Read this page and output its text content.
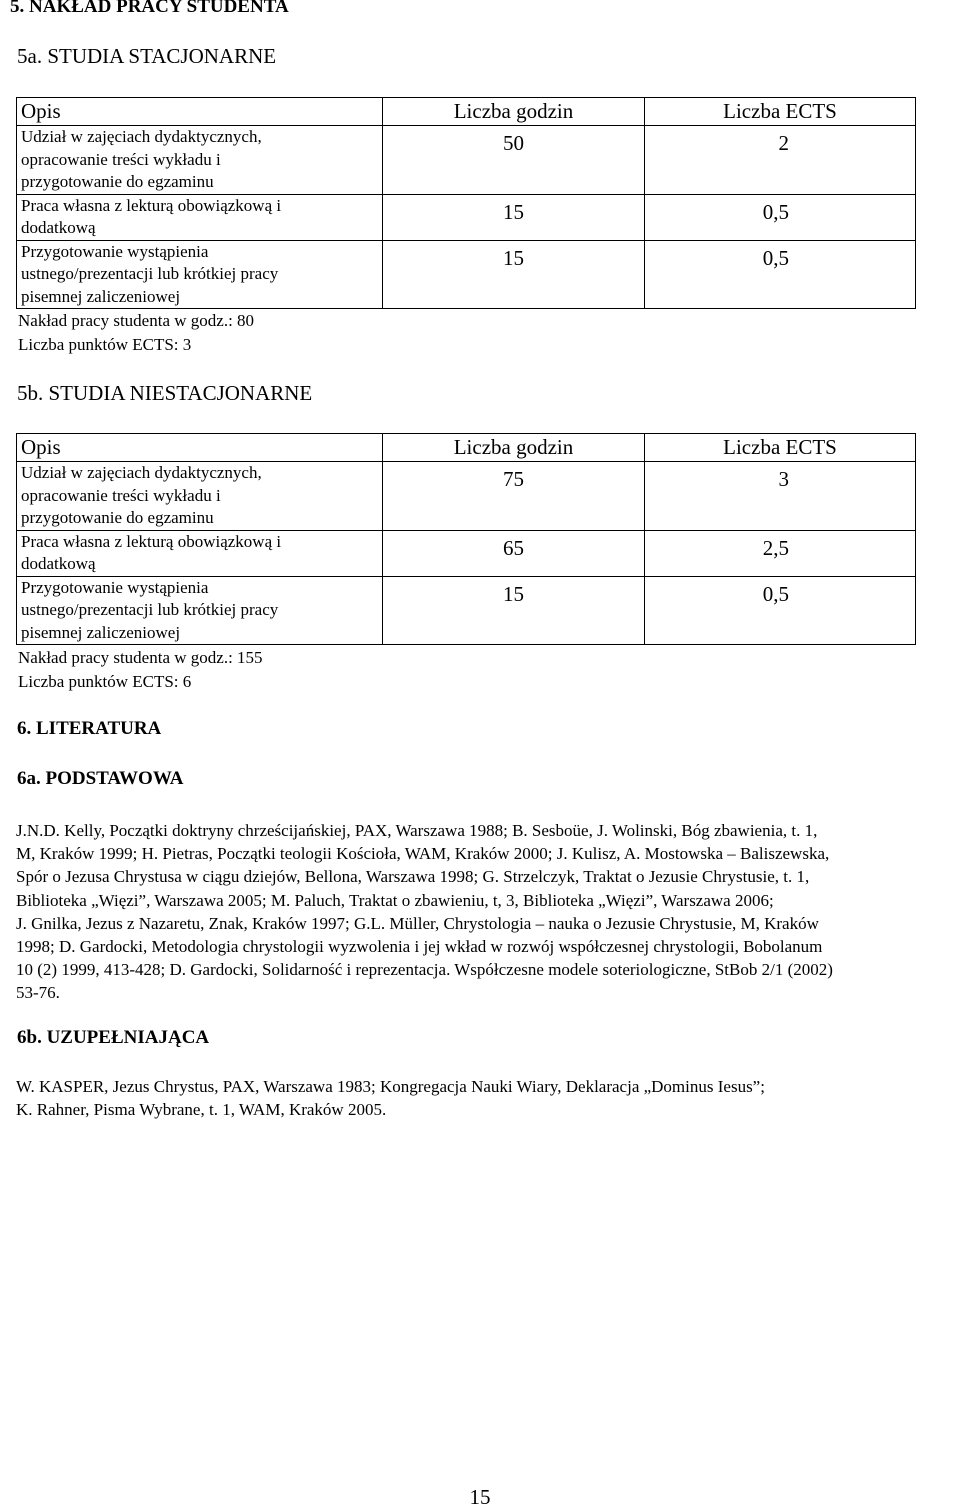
5. NAKŁAD PRACY STUDENTA
5a. STUDIA STACJONARNE
Opis	Liczba godzin	Liczba ECTS

Udział w zajęciach dydaktycznych,
opracowanie treści wykładu i
przygotowanie do egzaminu	50	2

Praca własna z lekturą obowiązkową i
dodatkową	15	0,5

Przygotowanie wystąpienia
ustnego/prezentacji lub krótkiej pracy
pisemnej zaliczeniowej	15	0,5
Nakład pracy studenta w godz.: 80
Liczba punktów ECTS: 3
5b. STUDIA NIESTACJONARNE
Opis	Liczba godzin	Liczba ECTS

Udział w zajęciach dydaktycznych,
opracowanie treści wykładu i
przygotowanie do egzaminu	75	3

Praca własna z lekturą obowiązkową i
dodatkową	65	2,5

Przygotowanie wystąpienia
ustnego/prezentacji lub krótkiej pracy
pisemnej zaliczeniowej	15	0,5
Nakład pracy studenta w godz.: 155
Liczba punktów ECTS: 6
6. LITERATURA
6a. PODSTAWOWA
J.N.D. Kelly, Początki doktryny chrześcijańskiej, PAX, Warszawa 1988; B. Sesboüe, J. Wolinski, Bóg zbawienia, t. 1,
M, Kraków 1999; H. Pietras, Początki teologii Kościoła, WAM, Kraków 2000; J. Kulisz, A. Mostowska – Baliszewska,
Spór o Jezusa Chrystusa w ciągu dziejów, Bellona, Warszawa 1998; G. Strzelczyk, Traktat o Jezusie Chrystusie, t. 1,
Biblioteka „Więzi”, Warszawa 2005; M. Paluch, Traktat o zbawieniu, t, 3, Biblioteka „Więzi”, Warszawa 2006;
J. Gnilka, Jezus z Nazaretu, Znak, Kraków 1997; G.L. Müller, Chrystologia – nauka o Jezusie Chrystusie, M, Kraków
1998; D. Gardocki, Metodologia chrystologii wyzwolenia i jej wkład w rozwój współczesnej chrystologii, Bobolanum
10 (2) 1999, 413-428; D. Gardocki, Solidarność i reprezentacja. Współczesne modele soteriologiczne, StBob 2/1 (2002)
53-76.
6b. UZUPEŁNIAJĄCA
W. KASPER, Jezus Chrystus, PAX, Warszawa 1983; Kongregacja Nauki Wiary, Deklaracja „Dominus Iesus”;
K. Rahner, Pisma Wybrane, t. 1, WAM, Kraków 2005.
15
